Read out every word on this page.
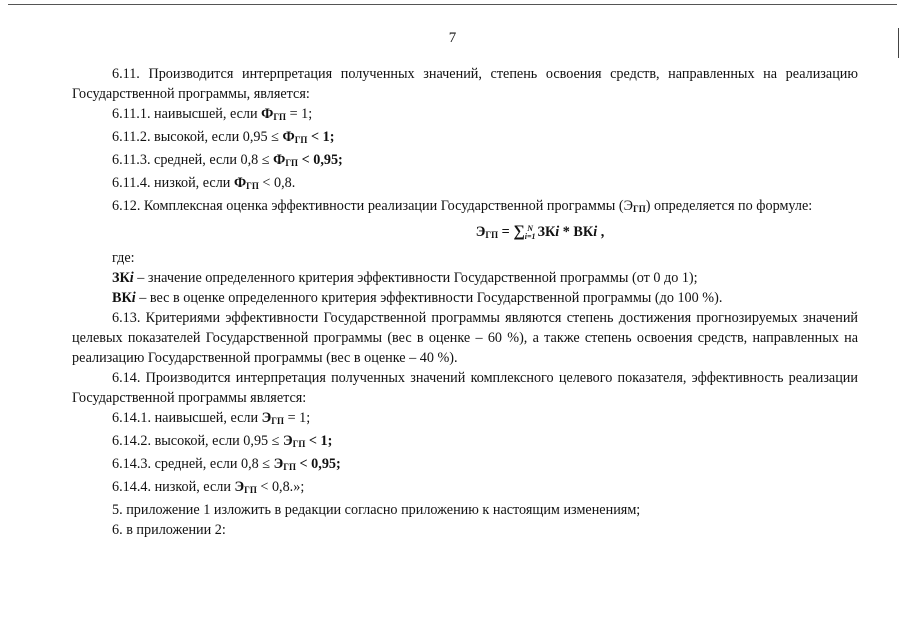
7

6.11. Производится интерпретация полученных значений, степень освоения средств, направленных на реализацию Государственной программы, является:

6.11.1. наивысшей, если $Ф_{ГП} = 1$;

6.11.2. высокой, если $0,95 \le Ф_{ГП} < 1$;

6.11.3. средней, если $0,8 \le Ф_{ГП} < 0,95$;

6.11.4. низкой, если $Ф_{ГП} < 0,8$.

6.12. Комплексная оценка эффективности реализации Государственной программы $(Э_{ГП})$ определяется по формуле:

$Э_{ГП}$ = ∑ N
i=1 ЗКi * ВКi ,

где:

ЗКi – значение определенного критерия эффективности Государственной программы (от 0 до 1);

ВКi – вес в оценке определенного критерия эффективности Государственной программы (до 100 %).

6.13. Критериями эффективности Государственной программы являются степень достижения прогнозируемых значений целевых показателей Государственной программы (вес в оценке – 60 %), а также степень освоения средств, направленных на реализацию Государственной программы (вес в оценке – 40 %).

6.14. Производится интерпретация полученных значений комплексного целевого показателя, эффективность реализации Государственной программы является:

6.14.1. наивысшей, если $Э_{ГП} = 1$;

6.14.2. высокой, если $0,95 \le Э_{ГП} < 1$;

6.14.3. средней, если $0,8 \le Э_{ГП} < 0,95$;

6.14.4. низкой, если $Э_{ГП} < 0,8$.»;

5. приложение 1 изложить в редакции согласно приложению к настоящим изменениям;

6. в приложении 2:
